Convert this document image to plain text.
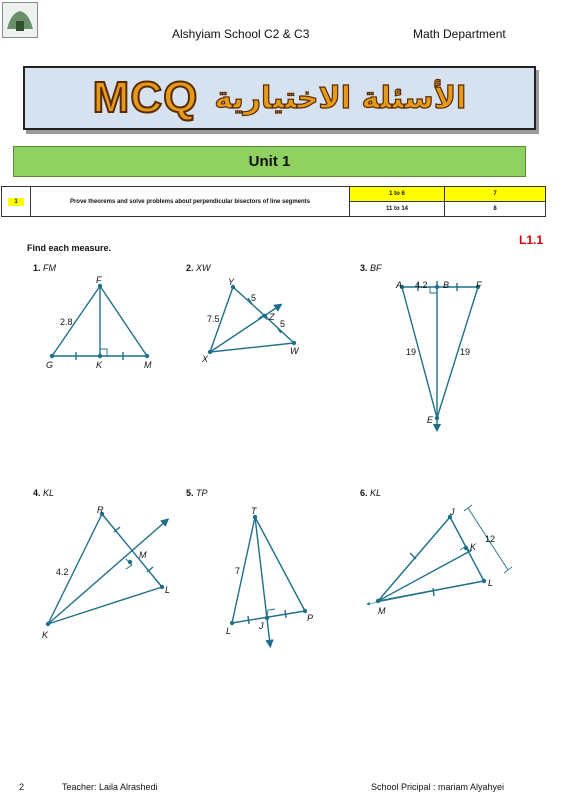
Alshyiam School C2 & C3	Math Department
MCQ الأسئلة الاختيارية
Unit 1
1	Prove theorems and solve problems about perpendicular bisectors of line segments	1 to 6	7
		11 to 14	8
L1.1
Find each measure.
1. FM	2. XW	3. BF
4. KL	5. TP	6. KL
F
G	K	M
2.8
Y
Z
X
W
5
5
7.5
A	B	F
E
4.2
19	19
R
M
L
K
4.2
T
P
L	J
7
J
K
L
M
12
2	Teacher: Laila Alrashedi	School Pricipal : mariam Alyahyei
